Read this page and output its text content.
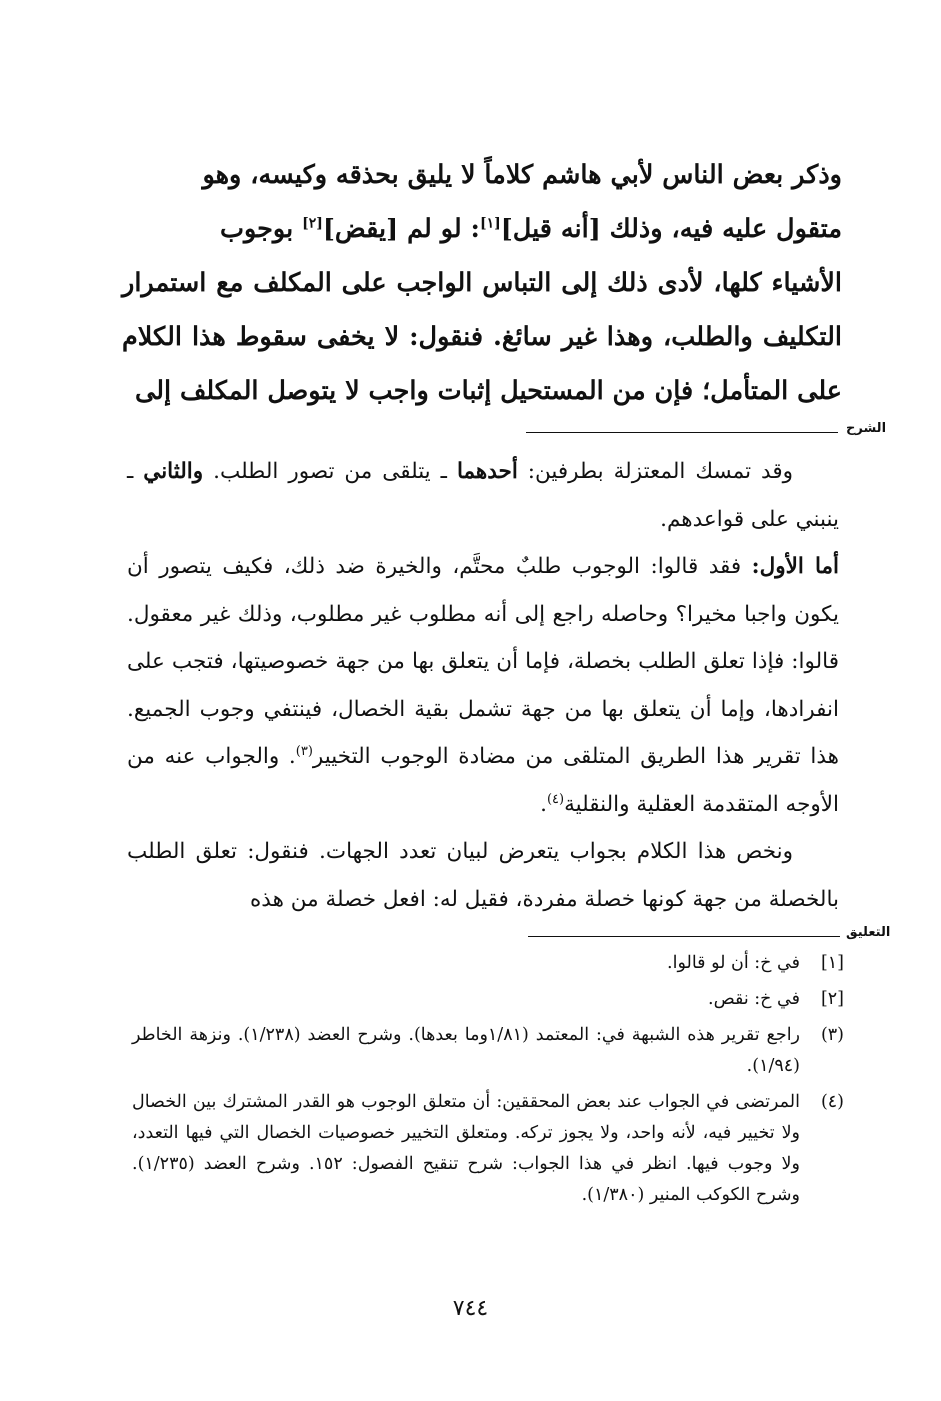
وذكر بعض الناس لأبي هاشم كلاماً لا يليق بحذقه وكيسه، وهو

متقول عليه فيه، وذلك [أنه قيل][١]: لو لم [يقض][٢] بوجوب

الأشياء كلها، لأدى ذلك إلى التباس الواجب على المكلف مع استمرار التكليف والطلب، وهذا غير سائغ. فنقول: لا يخفى سقوط هذا الكلام على المتأمل؛ فإن من المستحيل إثبات واجب لا يتوصل المكلف إلى

الشرح

وقد تمسك المعتزلة بطرفين: أحدهما ـ يتلقى من تصور الطلب. والثاني ـ ينبني على قواعدهم.

أما الأول: فقد قالوا: الوجوب طلبٌ محتَّم، والخيرة ضد ذلك، فكيف يتصور أن يكون واجبا مخيرا؟ وحاصله راجع إلى أنه مطلوب غير مطلوب، وذلك غير معقول. قالوا: فإذا تعلق الطلب بخصلة، فإما أن يتعلق بها من جهة خصوصيتها، فتجب على انفرادها، وإما أن يتعلق بها من جهة تشمل بقية الخصال، فينتفي وجوب الجميع. هذا تقرير هذا الطريق المتلقى من مضادة الوجوب التخيير$^{(٣)}$. والجواب عنه من الأوجه المتقدمة العقلية والنقلية$^{(٤)}$.

ونخص هذا الكلام بجواب يتعرض لبيان تعدد الجهات. فنقول: تعلق الطلب بالخصلة من جهة كونها خصلة مفردة، فقيل له: افعل خصلة من هذه

التعليق
[١]
في خ: أن لو قالوا.
[٢]
في خ: نقص.
(٣)
راجع تقرير هذه الشبهة في: المعتمد (١/٨١وما بعدها). وشرح العضد (١/٢٣٨). ونزهة الخاطر (١/٩٤).
(٤)
المرتضى في الجواب عند بعض المحققين: أن متعلق الوجوب هو القدر المشترك بين الخصال ولا تخيير فيه، لأنه واحد، ولا يجوز تركه. ومتعلق التخيير خصوصيات الخصال التي فيها التعدد، ولا وجوب فيها. انظر في هذا الجواب: شرح تنقيح الفصول: ١٥٢. وشرح العضد (١/٢٣٥). وشرح الكوكب المنير (١/٣٨٠).
٧٤٤
